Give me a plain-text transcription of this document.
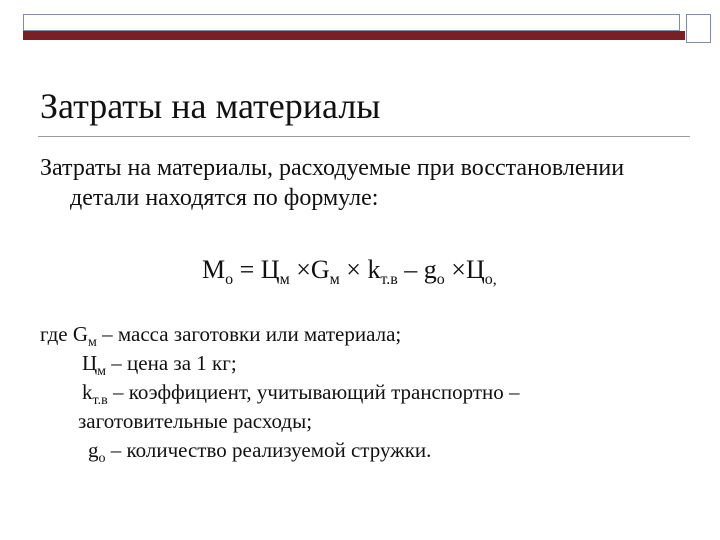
Затраты на материалы

Затраты на материалы, расходуемые при восстановлении детали находятся по формуле:

$М_о = Ц_м \times G_м \times k_{т.в} - g_о \times Ц_{о,}$

где $G_м$ – масса заготовки или материала;
$Ц_м$ – цена за 1 кг;
$k_{т.в}$ – коэффициент, учитывающий транспортно –
заготовительные расходы;
$g_о$ – количество реализуемой стружки.
